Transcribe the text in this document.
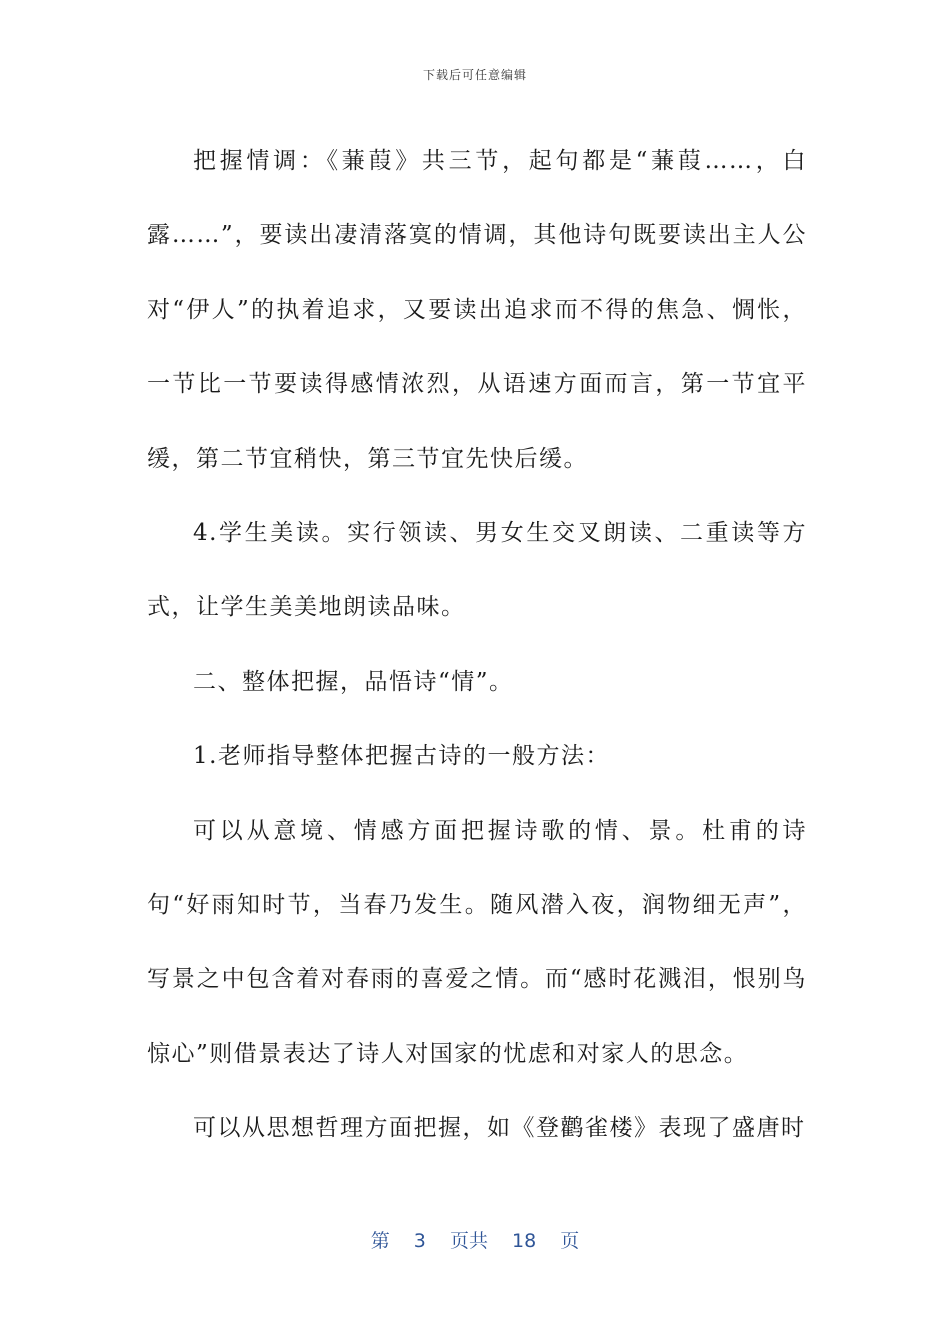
下载后可任意编辑

把握情调：《蒹葭》共三节，起句都是“蒹葭……，白露……”，要读出凄清落寞的情调，其他诗句既要读出主人公对“伊人”的执着追求，又要读出追求而不得的焦急、惆怅，一节比一节要读得感情浓烈，从语速方面而言，第一节宜平缓，第二节宜稍快，第三节宜先快后缓。

4.学生美读。实行领读、男女生交叉朗读、二重读等方式，让学生美美地朗读品味。

二、整体把握，品悟诗“情”。

1.老师指导整体把握古诗的一般方法：

可以从意境、情感方面把握诗歌的情、景。杜甫的诗句“好雨知时节，当春乃发生。随风潜入夜，润物细无声”，写景之中包含着对春雨的喜爱之情。而“感时花溅泪，恨别鸟惊心”则借景表达了诗人对国家的忧虑和对家人的思念。

可以从思想哲理方面把握，如《登鹳雀楼》表现了盛唐时

第 3 页共 18 页
